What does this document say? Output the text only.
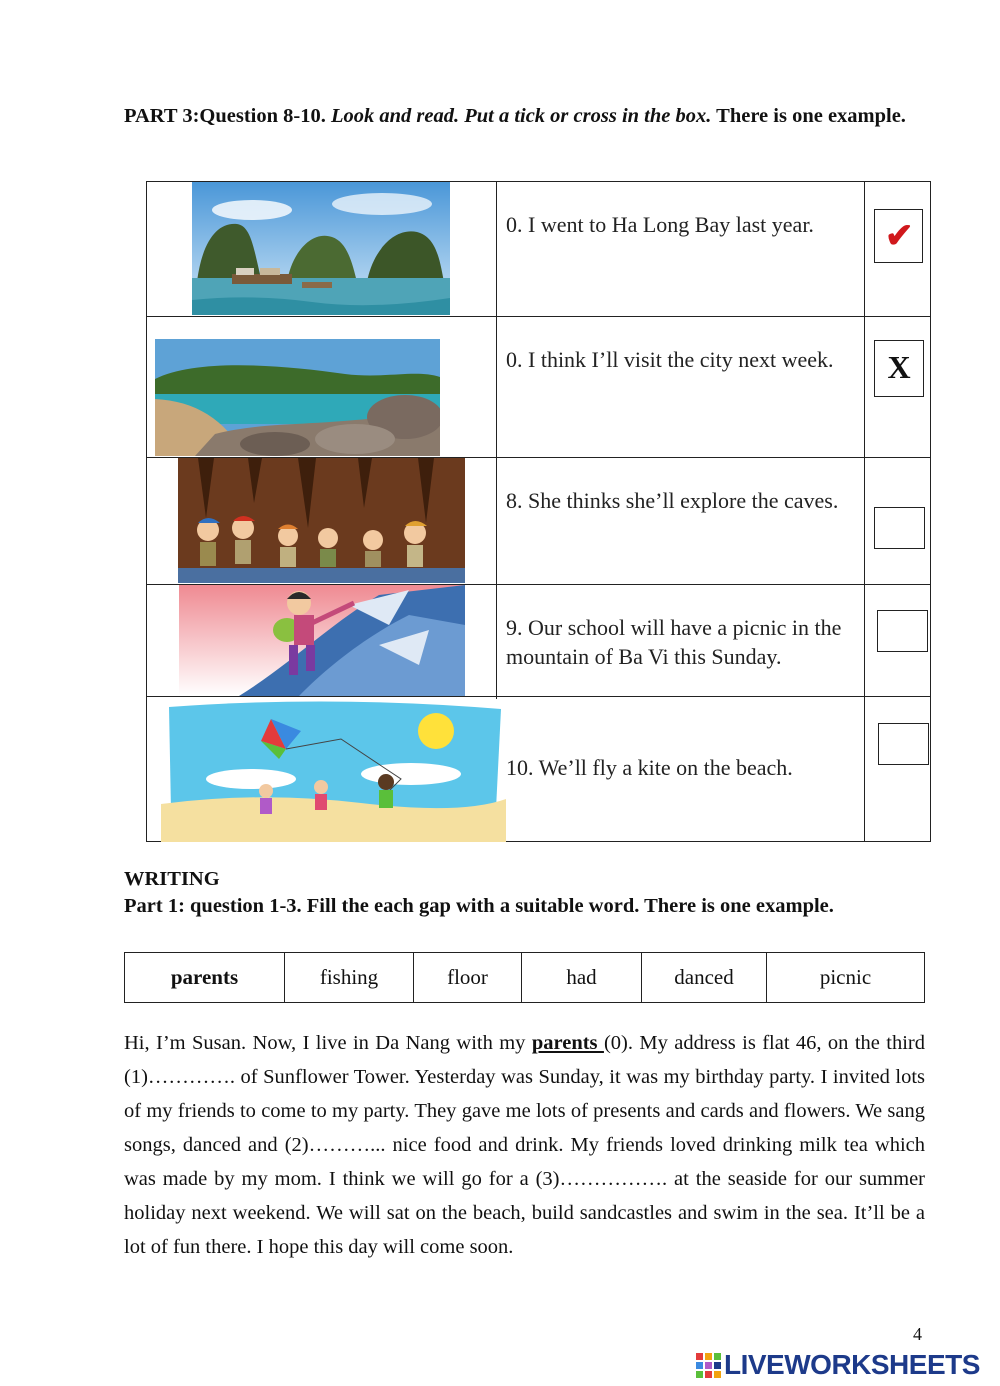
PART 3:Question 8-10. Look and read. Put a tick or cross in the box. There is one example.
0. I went to Ha Long Bay last year.	✔
0. I think I’ll visit the city next week.	X
8. She thinks she’ll explore the caves.
9. Our school will have a picnic in the mountain of Ba Vi this Sunday.
10. We’ll fly a kite on the beach.
WRITING
Part 1: question 1-3. Fill the each gap with a suitable word. There is one example.
parents	fishing	floor	had	danced	picnic
Hi, I’m Susan. Now, I live in Da Nang with my parents (0). My address is flat 46, on the third (1)…………. of Sunflower Tower. Yesterday was Sunday, it was my birthday party. I invited lots of my friends to come to my party. They gave me lots of presents and cards and flowers. We sang songs, danced and (2)………... nice food and drink. My friends loved drinking milk tea which was made by my mom. I think we will go for a (3)……………. at the seaside for our summer holiday next weekend. We will sat on the beach, build sandcastles and swim in the sea. It’ll be a lot of fun there. I hope this day will come soon.
4
LIVEWORKSHEETS
